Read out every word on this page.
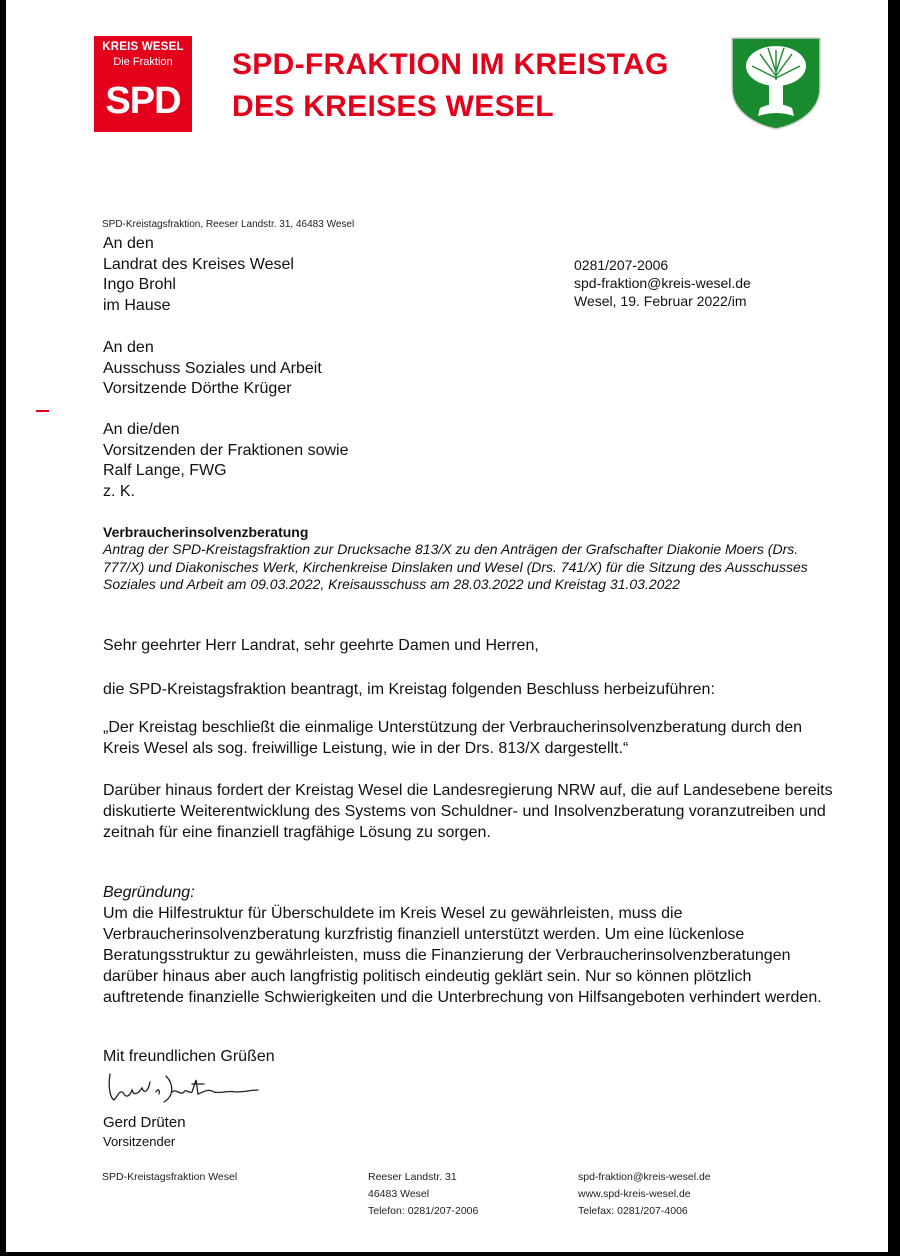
KREIS WESEL
Die Fraktion
SPD
SPD-FRAKTION IM KREISTAG
DES KREISES WESEL
SPD-Kreistagsfraktion, Reeser Landstr. 31, 46483 Wesel
An den
Landrat des Kreises Wesel
Ingo Brohl
im Hause
An den
Ausschuss Soziales und Arbeit
Vorsitzende Dörthe Krüger
An die/den
Vorsitzenden der Fraktionen sowie
Ralf Lange, FWG
z. K.
0281/207-2006
spd-fraktion@kreis-wesel.de
Wesel, 19. Februar 2022/im
Verbraucherinsolvenzberatung
Antrag der SPD-Kreistagsfraktion zur Drucksache 813/X zu den Anträgen der Grafschafter Diakonie Moers (Drs. 777/X) und Diakonisches Werk, Kirchenkreise Dinslaken und Wesel (Drs. 741/X) für die Sitzung des Ausschusses Soziales und Arbeit am 09.03.2022, Kreisausschuss am 28.03.2022 und Kreistag 31.03.2022
Sehr geehrter Herr Landrat, sehr geehrte Damen und Herren,
die SPD-Kreistagsfraktion beantragt, im Kreistag folgenden Beschluss herbeizuführen:
„Der Kreistag beschließt die einmalige Unterstützung der Verbraucherinsolvenzberatung durch den Kreis Wesel als sog. freiwillige Leistung, wie in der Drs. 813/X dargestellt.“
Darüber hinaus fordert der Kreistag Wesel die Landesregierung NRW auf, die auf Landesebene bereits diskutierte Weiterentwicklung des Systems von Schuldner- und Insolvenzberatung voranzutreiben und zeitnah für eine finanziell tragfähige Lösung zu sorgen.
Begründung:
Um die Hilfestruktur für Überschuldete im Kreis Wesel zu gewährleisten, muss die Verbraucherinsolvenzberatung kurzfristig finanziell unterstützt werden. Um eine lückenlose Beratungsstruktur zu gewährleisten, muss die Finanzierung der Verbraucherinsolvenzberatungen darüber hinaus aber auch langfristig politisch eindeutig geklärt sein. Nur so können plötzlich auftretende finanzielle Schwierigkeiten und die Unterbrechung von Hilfsangeboten verhindert werden.
Mit freundlichen Grüßen
Gerd Drüten
Vorsitzender
SPD-Kreistagsfraktion Wesel	Reeser Landstr. 31
46483 Wesel
Telefon: 0281/207-2006
spd-fraktion@kreis-wesel.de
www.spd-kreis-wesel.de
Telefax: 0281/207-4006
